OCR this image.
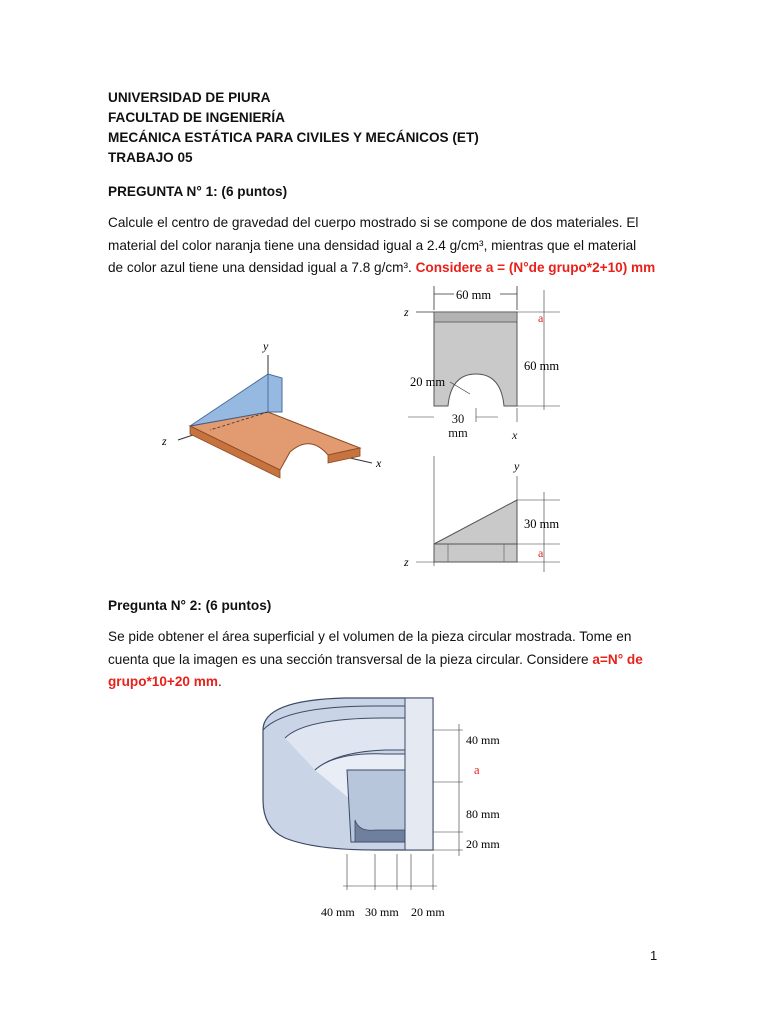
UNIVERSIDAD DE PIURA
FACULTAD DE INGENIERÍA
MECÁNICA ESTÁTICA PARA CIVILES Y MECÁNICOS (ET)
TRABAJO 05
PREGUNTA N° 1: (6 puntos)
Calcule el centro de gravedad del cuerpo mostrado si se compone de dos materiales. El
material del color naranja tiene una densidad igual a 2.4 g/cm³, mientras que el material
de color azul tiene una densidad igual a 7.8 g/cm³. Considere a = (N°de grupo*2+10) mm
y
z
x
60 mm
z	a
60 mm
20 mm
30
mm	x
y
30 mm
a
z
Pregunta N° 2: (6 puntos)
Se pide obtener el área superficial y el volumen de la pieza circular mostrada. Tome en
cuenta que la imagen es una sección transversal de la pieza circular. Considere a=N° de
grupo*10+20 mm.
40 mm
a
80 mm
20 mm
40 mm 30 mm 20 mm
1
